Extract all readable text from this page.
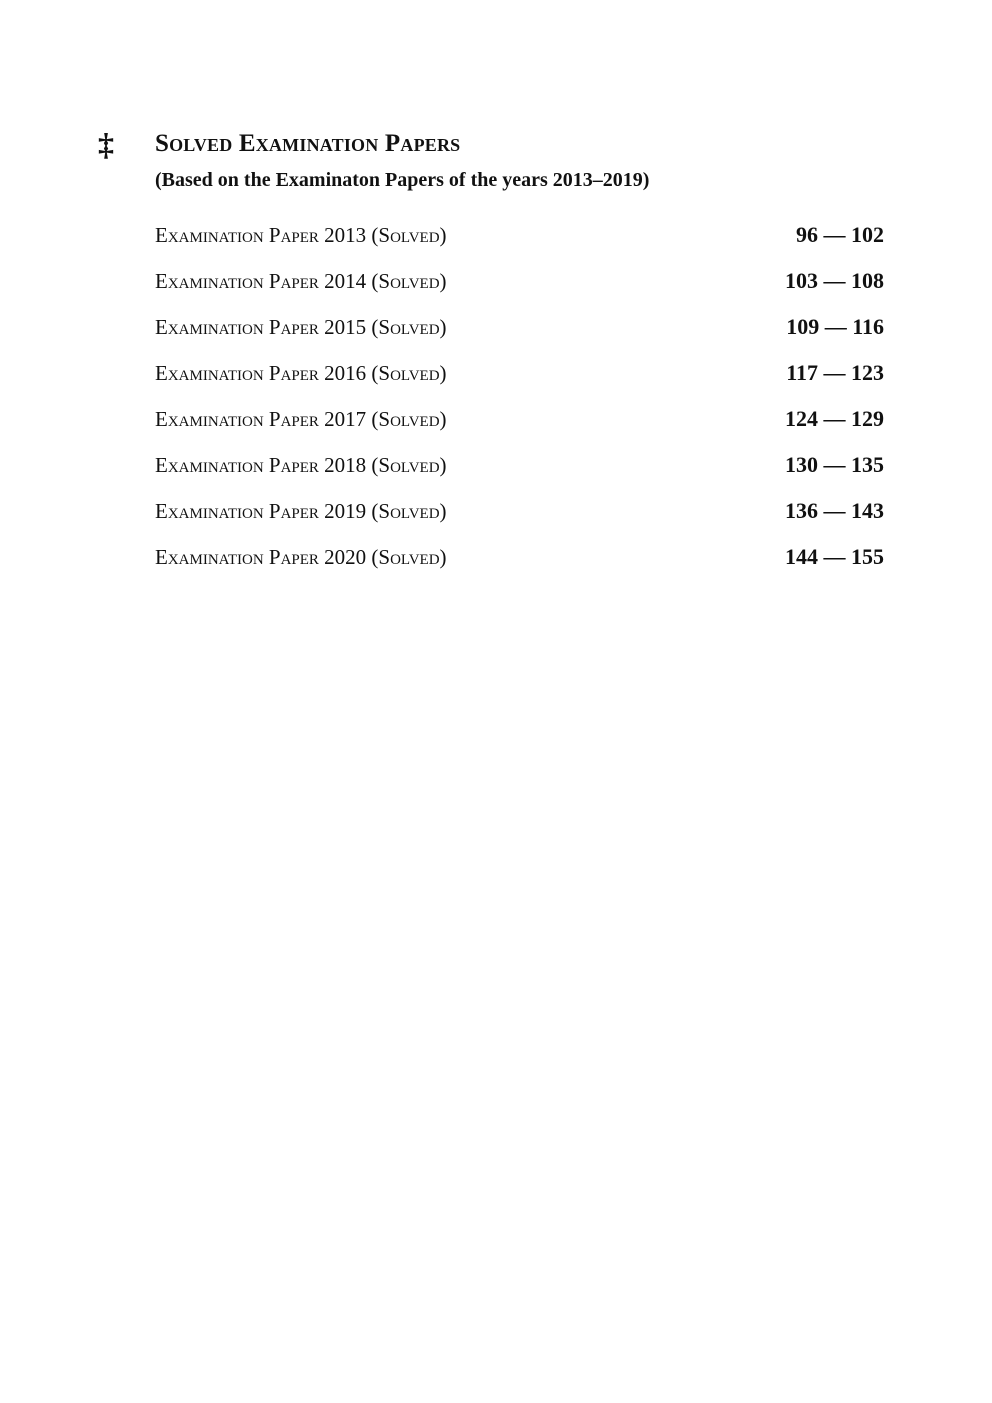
‡ Solved Examination Papers
(Based on the Examinaton Papers of the years 2013–2019)
Examination Paper 2013 (Solved)	96 — 102
Examination Paper 2014 (Solved)	103 — 108
Examination Paper 2015 (Solved)	109 — 116
Examination Paper 2016 (Solved)	117 — 123
Examination Paper 2017 (Solved)	124 — 129
Examination Paper 2018 (Solved)	130 — 135
Examination Paper 2019 (Solved)	136 — 143
Examination Paper 2020 (Solved)	144 — 155
